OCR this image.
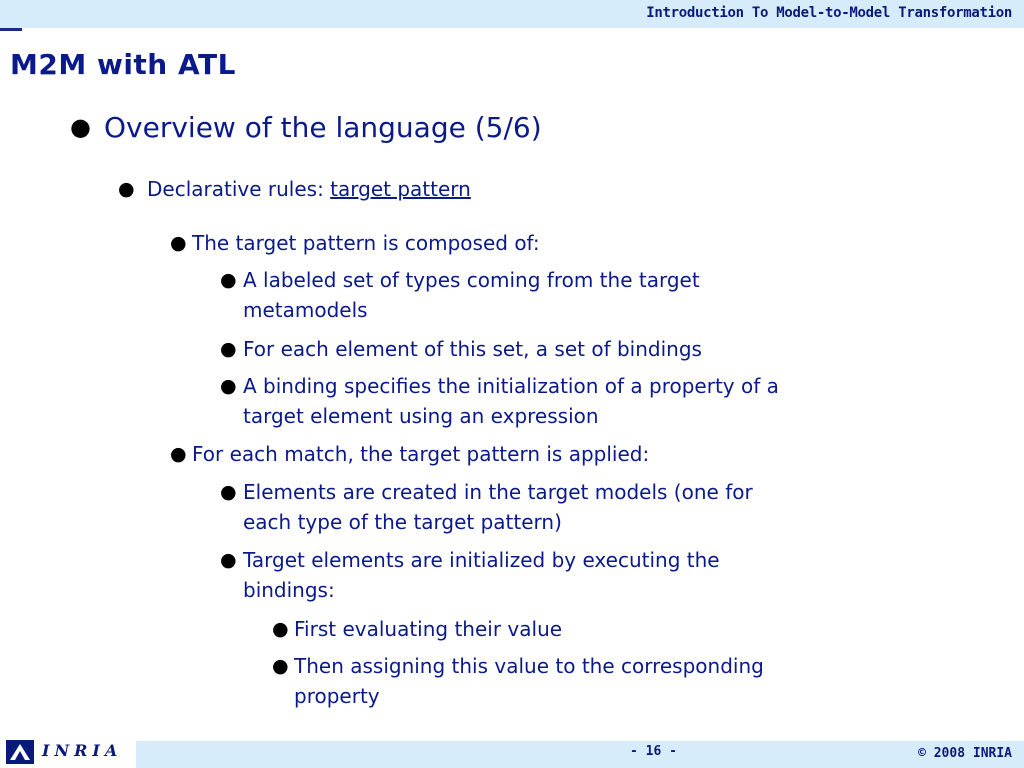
Introduction To Model-to-Model Transformation
M2M with ATL
● Overview of the language (5/6)
● Declarative rules: target pattern
● The target pattern is composed of:
● A labeled set of types coming from the target
metamodels
● For each element of this set, a set of bindings
● A binding specifies the initialization of a property of a
target element using an expression
● For each match, the target pattern is applied:
● Elements are created in the target models (one for
each type of the target pattern)
● Target elements are initialized by executing the
bindings:
● First evaluating their value
● Then assigning this value to the corresponding
property
INRIA	- 16 -	© 2008 INRIA
